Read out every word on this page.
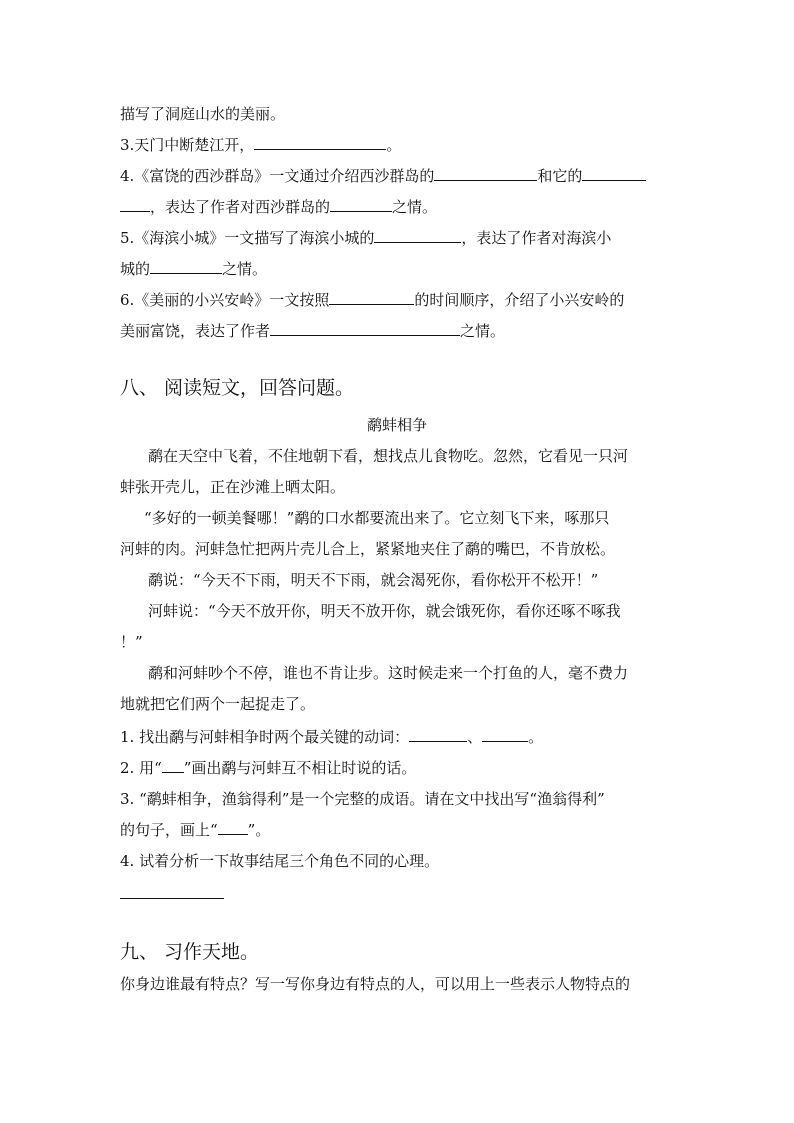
描写了洞庭山水的美丽。
3.天门中断楚江开，	。
4.《富饶的西沙群岛》一文通过介绍西沙群岛的	和它的
，表达了作者对西沙群岛的	之情。
5.《海滨小城》一文描写了海滨小城的	，表达了作者对海滨小
城的	之情。
6.《美丽的小兴安岭》一文按照	的时间顺序，介绍了小兴安岭的
美丽富饶，表达了作者	之情。
八、 阅读短文，回答问题。
鹬蚌相争
鹬在天空中飞着，不住地朝下看，想找点儿食物吃。忽然，它看见一只河
蚌张开壳儿，正在沙滩上晒太阳。
“多好的一顿美餐哪！”鹬的口水都要流出来了。它立刻飞下来，啄那只
河蚌的肉。河蚌急忙把两片壳儿合上，紧紧地夹住了鹬的嘴巴，不肯放松。
鹬说：“今天不下雨，明天不下雨，就会渴死你，看你松开不松开！”
河蚌说：“今天不放开你，明天不放开你，就会饿死你，看你还啄不啄我
！”
鹬和河蚌吵个不停，谁也不肯让步。这时候走来一个打鱼的人，毫不费力
地就把它们两个一起捉走了。
1. 找出鹬与河蚌相争时两个最关键的动词：	、	。
2. 用“ ”画出鹬与河蚌互不相让时说的话。
3. “鹬蚌相争，渔翁得利”是一个完整的成语。请在文中找出写“渔翁得利”
的句子，画上“ ”。
4. 试着分析一下故事结尾三个角色不同的心理。
九、 习作天地。
你身边谁最有特点？写一写你身边有特点的人，可以用上一些表示人物特点的
